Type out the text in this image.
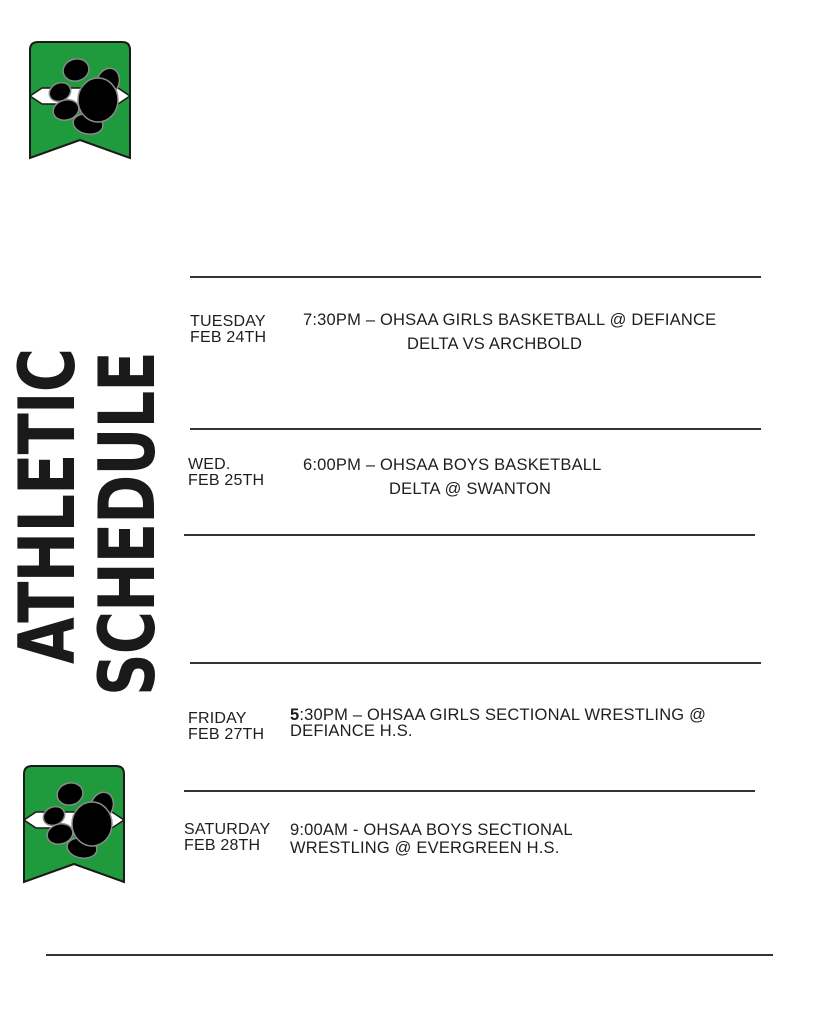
ATHLETIC
SCHEDULE
TUESDAY
FEB 24TH
7:30PM – OHSAA GIRLS BASKETBALL @ DEFIANCE
DELTA VS ARCHBOLD
WED.
FEB 25TH
6:00PM – OHSAA BOYS BASKETBALL
DELTA @ SWANTON
FRIDAY
FEB 27TH
5:30PM – OHSAA GIRLS SECTIONAL WRESTLING @
DEFIANCE H.S.
SATURDAY
FEB 28TH
9:00AM - OHSAA BOYS SECTIONAL
WRESTLING @ EVERGREEN H.S.
